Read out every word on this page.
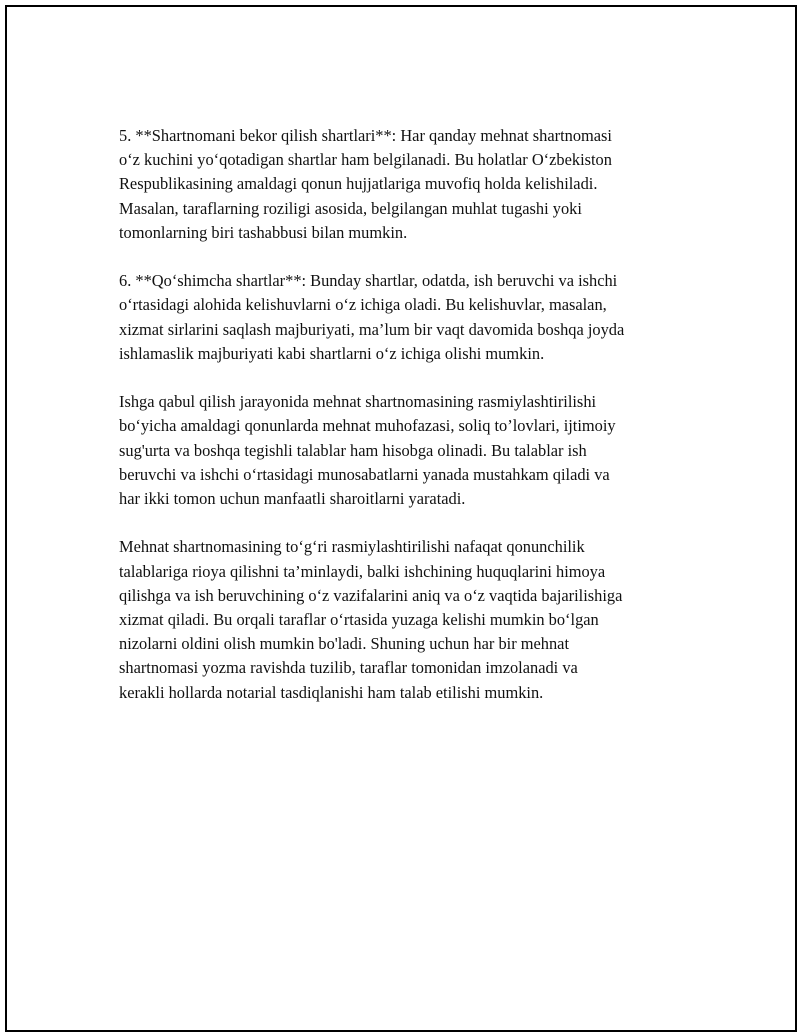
5. **Shartnomani bekor qilish shartlari**: Har qanday mehnat shartnomasi
o‘z kuchini yo‘qotadigan shartlar ham belgilanadi. Bu holatlar O‘zbekiston
Respublikasining amaldagi qonun hujjatlariga muvofiq holda kelishiladi.
Masalan, taraflarning roziligi asosida, belgilangan muhlat tugashi yoki
tomonlarning biri tashabbusi bilan mumkin.

6. **Qo‘shimcha shartlar**: Bunday shartlar, odatda, ish beruvchi va ishchi
o‘rtasidagi alohida kelishuvlarni o‘z ichiga oladi. Bu kelishuvlar, masalan,
xizmat sirlarini saqlash majburiyati, ma’lum bir vaqt davomida boshqa joyda
ishlamaslik majburiyati kabi shartlarni o‘z ichiga olishi mumkin.

Ishga qabul qilish jarayonida mehnat shartnomasining rasmiylashtirilishi
bo‘yicha amaldagi qonunlarda mehnat muhofazasi, soliq to’lovlari, ijtimoiy
sug'urta va boshqa tegishli talablar ham hisobga olinadi. Bu talablar ish
beruvchi va ishchi o‘rtasidagi munosabatlarni yanada mustahkam qiladi va
har ikki tomon uchun manfaatli sharoitlarni yaratadi.

Mehnat shartnomasining to‘g‘ri rasmiylashtirilishi nafaqat qonunchilik
talablariga rioya qilishni ta’minlaydi, balki ishchining huquqlarini himoya
qilishga va ish beruvchining o‘z vazifalarini aniq va o‘z vaqtida bajarilishiga
xizmat qiladi. Bu orqali taraflar o‘rtasida yuzaga kelishi mumkin bo‘lgan
nizolarni oldini olish mumkin bo'ladi. Shuning uchun har bir mehnat
shartnomasi yozma ravishda tuzilib, taraflar tomonidan imzolanadi va
kerakli hollarda notarial tasdiqlanishi ham talab etilishi mumkin.
